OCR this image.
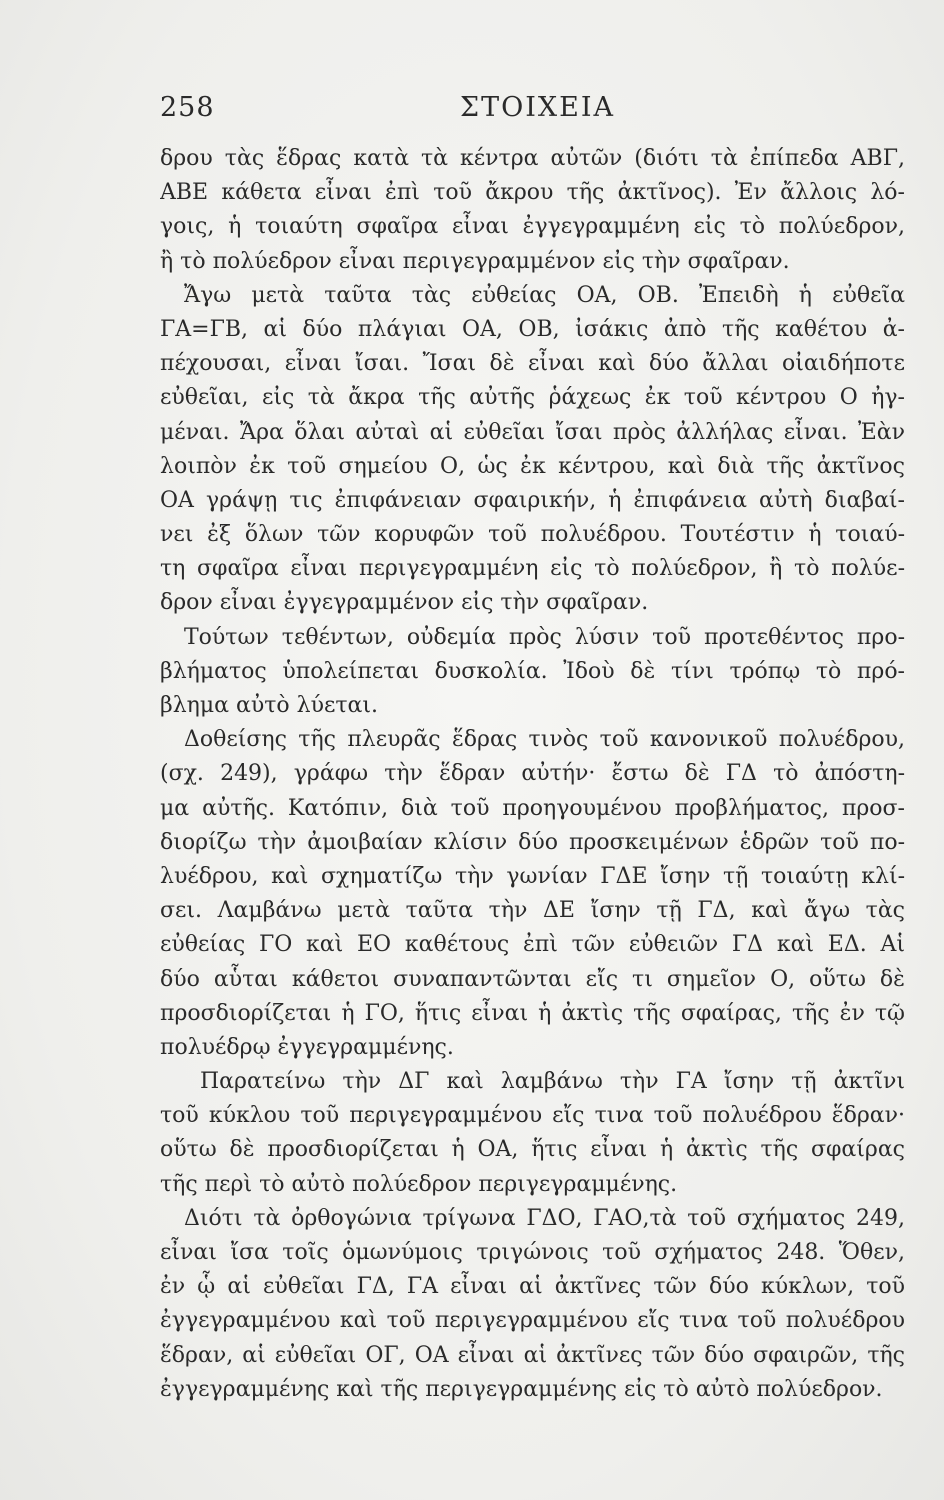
258	ΣΤΟΙΧΕΙΑ
δρου τὰς ἕδρας κατὰ τὰ κέντρα αὐτῶν (διότι τὰ ἐπίπεδα ΑΒΓ,
ΑΒΕ κάθετα εἶναι ἐπὶ τοῦ ἄκρου τῆς ἀκτῖνος). Ἐν ἄλλοις λό-
γοις, ἡ τοιαύτη σφαῖρα εἶναι ἐγγεγραμμένη εἰς τὸ πολύεδρον,
ἢ τὸ πολύεδρον εἶναι περιγεγραμμένον εἰς τὴν σφαῖραν.
Ἄγω μετὰ ταῦτα τὰς εὐθείας ΟΑ, ΟΒ. Ἐπειδὴ ἡ εὐθεῖα
ΓΑ=ΓΒ, αἱ δύο πλάγιαι ΟΑ, ΟΒ, ἰσάκις ἀπὸ τῆς καθέτου ἀ-
πέχουσαι, εἶναι ἴσαι. Ἴσαι δὲ εἶναι καὶ δύο ἄλλαι οἰαιδήποτε
εὐθεῖαι, εἰς τὰ ἄκρα τῆς αὐτῆς ῥάχεως ἐκ τοῦ κέντρου Ο ἠγ-
μέναι. Ἄρα ὅλαι αὐταὶ αἱ εὐθεῖαι ἴσαι πρὸς ἀλλήλας εἶναι. Ἐὰν
λοιπὸν ἐκ τοῦ σημείου Ο, ὡς ἐκ κέντρου, καὶ διὰ τῆς ἀκτῖνος
ΟΑ γράψῃ τις ἐπιφάνειαν σφαιρικήν, ἡ ἐπιφάνεια αὐτὴ διαβαί-
νει ἐξ ὅλων τῶν κορυφῶν τοῦ πολυέδρου. Τουτέστιν ἡ τοιαύ-
τη σφαῖρα εἶναι περιγεγραμμένη εἰς τὸ πολύεδρον, ἢ τὸ πολύε-
δρον εἶναι ἐγγεγραμμένον εἰς τὴν σφαῖραν.
Τούτων τεθέντων, οὐδεμία πρὸς λύσιν τοῦ προτεθέντος προ-
βλήματος ὑπολείπεται δυσκολία. Ἰδοὺ δὲ τίνι τρόπῳ τὸ πρό-
βλημα αὐτὸ λύεται.
Δοθείσης τῆς πλευρᾶς ἕδρας τινὸς τοῦ κανονικοῦ πολυέδρου,
(σχ. 249), γράφω τὴν ἕδραν αὐτήν· ἔστω δὲ ΓΔ τὸ ἀπόστη-
μα αὐτῆς. Κατόπιν, διὰ τοῦ προηγουμένου προβλήματος, προσ-
διορίζω τὴν ἀμοιβαίαν κλίσιν δύο προσκειμένων ἑδρῶν τοῦ πο-
λυέδρου, καὶ σχηματίζω τὴν γωνίαν ΓΔΕ ἴσην τῇ τοιαύτῃ κλί-
σει. Λαμβάνω μετὰ ταῦτα τὴν ΔΕ ἴσην τῇ ΓΔ, καὶ ἄγω τὰς
εὐθείας ΓΟ καὶ ΕΟ καθέτους ἐπὶ τῶν εὐθειῶν ΓΔ καὶ ΕΔ. Αἱ
δύο αὗται κάθετοι συναπαντῶνται εἴς τι σημεῖον Ο, οὕτω δὲ
προσδιορίζεται ἡ ΓΟ, ἥτις εἶναι ἡ ἀκτὶς τῆς σφαίρας, τῆς ἐν τῷ
πολυέδρῳ ἐγγεγραμμένης.
Παρατείνω τὴν ΔΓ καὶ λαμβάνω τὴν ΓΑ ἴσην τῇ ἀκτῖνι
τοῦ κύκλου τοῦ περιγεγραμμένου εἴς τινα τοῦ πολυέδρου ἕδραν·
οὕτω δὲ προσδιορίζεται ἡ ΟΑ, ἥτις εἶναι ἡ ἀκτὶς τῆς σφαίρας
τῆς περὶ τὸ αὐτὸ πολύεδρον περιγεγραμμένης.
Διότι τὰ ὀρθογώνια τρίγωνα ΓΔΟ, ΓΑΟ,τὰ τοῦ σχήματος 249,
εἶναι ἴσα τοῖς ὁμωνύμοις τριγώνοις τοῦ σχήματος 248. Ὅθεν,
ἐν ᾧ αἱ εὐθεῖαι ΓΔ, ΓΑ εἶναι αἱ ἀκτῖνες τῶν δύο κύκλων, τοῦ
ἐγγεγραμμένου καὶ τοῦ περιγεγραμμένου εἴς τινα τοῦ πολυέδρου
ἕδραν, αἱ εὐθεῖαι ΟΓ, ΟΑ εἶναι αἱ ἀκτῖνες τῶν δύο σφαιρῶν, τῆς
ἐγγεγραμμένης καὶ τῆς περιγεγραμμένης εἰς τὸ αὐτὸ πολύεδρον.
